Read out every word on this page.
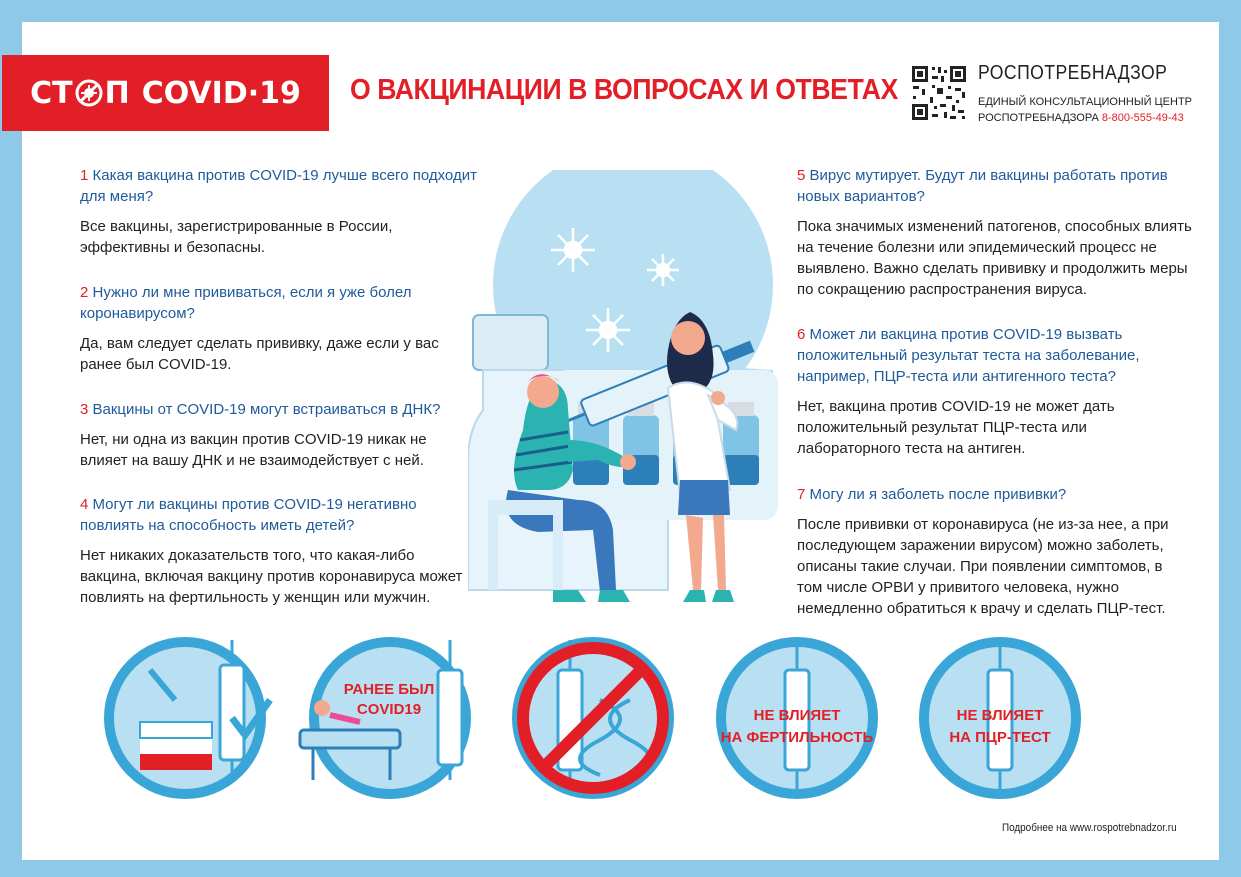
СТ П COVID·19 О ВАКЦИНАЦИИ В ВОПРОСАХ И ОТВЕТАХ
РОСПОТРЕБНАДЗОР
ЕДИНЫЙ КОНСУЛЬТАЦИОННЫЙ ЦЕНТР
РОСПОТРЕБНАДЗОРА 8-800-555-49-43

1 Какая вакцина против COVID-19 лучше всего подходит для меня?

Все вакцины, зарегистрированные в России, эффективны и безопасны.

2 Нужно ли мне прививаться, если я уже болел коронавирусом?

Да, вам следует сделать прививку, даже если у вас ранее был COVID-19.

3 Вакцины от COVID-19 могут встраиваться в ДНК?

Нет, ни одна из вакцин против COVID-19 никак не влияет на вашу ДНК и не взаимодействует с ней.

4 Могут ли вакцины против COVID-19 негативно повлиять на способность иметь детей?

Нет никаких доказательств того, что какая-либо вакцина, включая вакцину против коронавируса может повлиять на фертильность у женщин или мужчин.

5 Вирус мутирует. Будут ли вакцины работать против новых вариантов?

Пока значимых изменений патогенов, способных влиять на течение болезни или эпидемический процесс не выявлено. Важно сделать прививку и продолжить меры по сокращению распространения вируса.

6 Может ли вакцина против COVID-19 вызвать положительный результат теста на заболевание, например, ПЦР-теста или антигенного теста?

Нет, вакцина против COVID-19 не может дать положительный результат ПЦР-теста или лабораторного теста на антиген.

7 Могу ли я заболеть после прививки?

После прививки от коронавируса (не из-за нее, а при последующем заражении вирусом) можно заболеть, описаны такие случаи. При появлении симптомов, в том числе ОРВИ у привитого человека, нужно немедленно обратиться к врачу и сделать ПЦР-тест.

РАНЕЕ БЫЛ
COVID19	НЕ ВЛИЯЕТ
НА ФЕРТИЛЬНОСТЬ
НЕ ВЛИЯЕТ
НА ПЦР-ТЕСТ
Подробнее на www.rospotrebnadzor.ru
